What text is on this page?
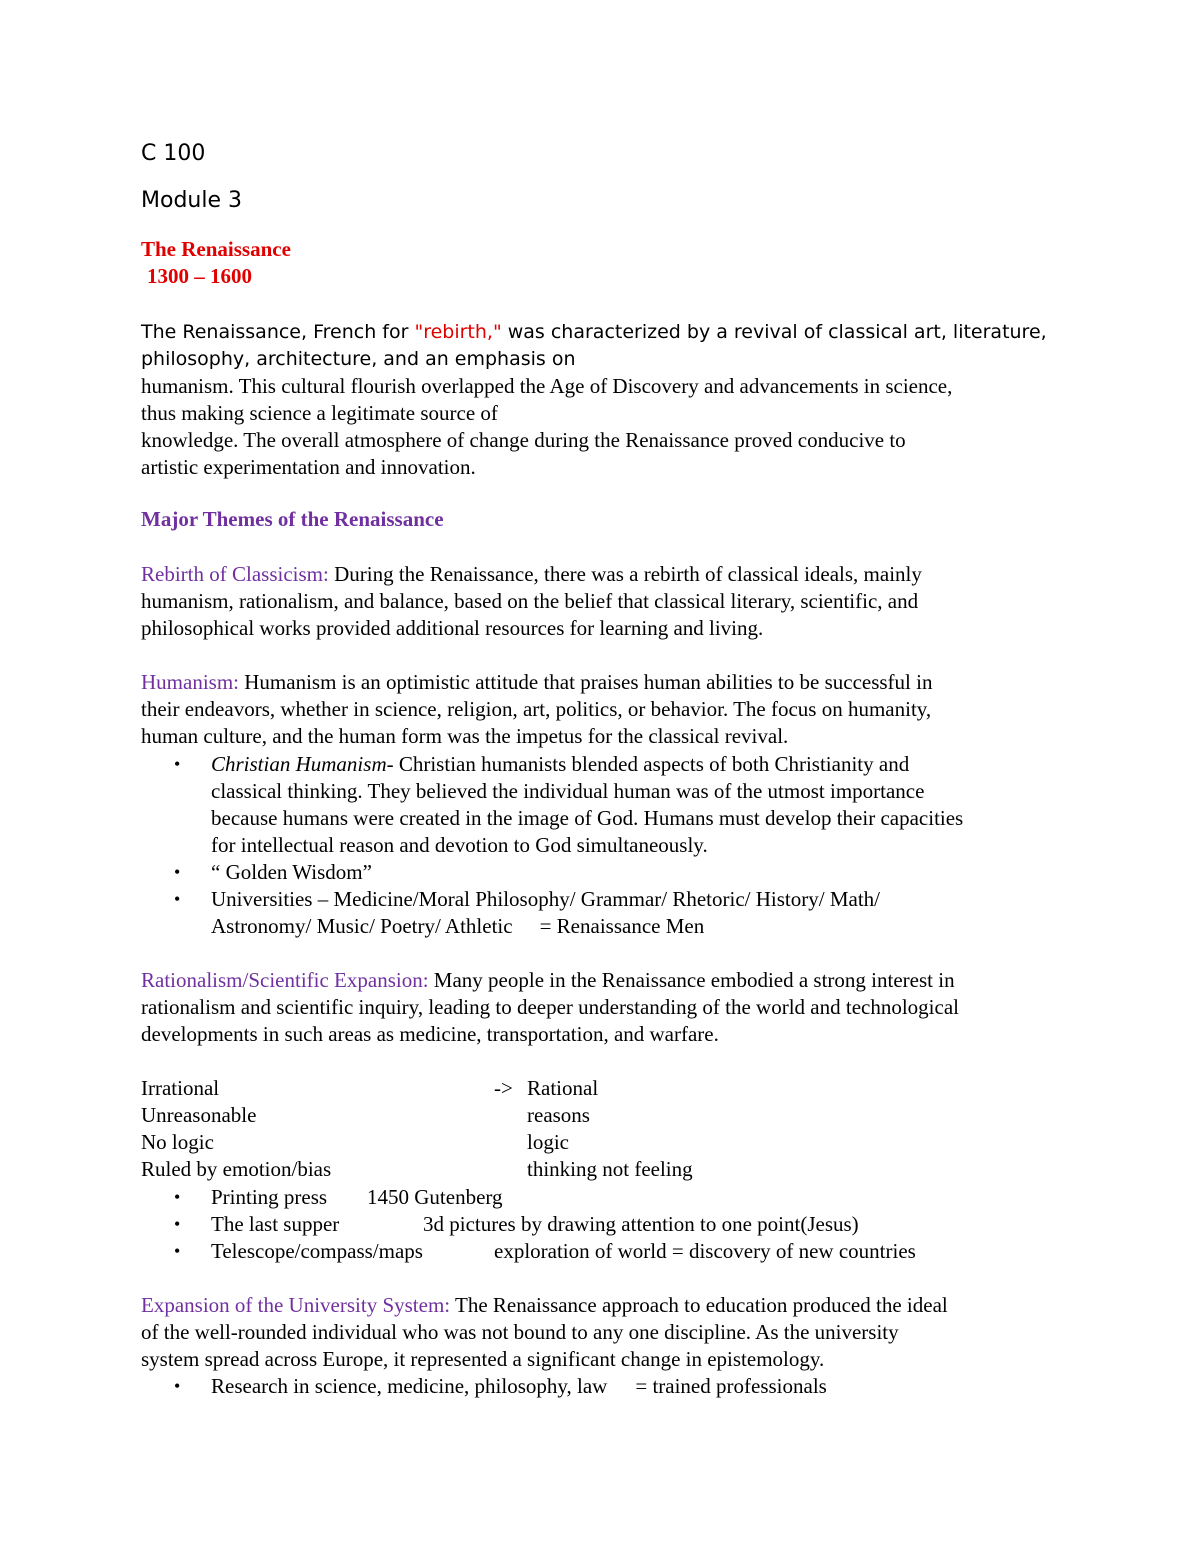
C 100
Module 3
The Renaissance
1300 – 1600
The Renaissance, French for "rebirth," was characterized by a revival of classical art, literature,
philosophy, architecture, and an emphasis on
humanism. This cultural flourish overlapped the Age of Discovery and advancements in science,
thus making science a legitimate source of
knowledge. The overall atmosphere of change during the Renaissance proved conducive to
artistic experimentation and innovation.
Major Themes of the Renaissance
Rebirth of Classicism: During the Renaissance, there was a rebirth of classical ideals, mainly
humanism, rationalism, and balance, based on the belief that classical literary, scientific, and
philosophical works provided additional resources for learning and living.
Humanism: Humanism is an optimistic attitude that praises human abilities to be successful in
their endeavors, whether in science, religion, art, politics, or behavior. The focus on humanity,
human culture, and the human form was the impetus for the classical revival.
• Christian Humanism- Christian humanists blended aspects of both Christianity and
classical thinking. They believed the individual human was of the utmost importance
because humans were created in the image of God. Humans must develop their capacities
for intellectual reason and devotion to God simultaneously.
• “ Golden Wisdom”
• Universities – Medicine/Moral Philosophy/ Grammar/ Rhetoric/ History/ Math/
Astronomy/ Music/ Poetry/ Athletic = Renaissance Men
Rationalism/Scientific Expansion: Many people in the Renaissance embodied a strong interest in
rationalism and scientific inquiry, leading to deeper understanding of the world and technological
developments in such areas as medicine, transportation, and warfare.
Irrational	-> Rational
Unreasonable	reasons
No logic	logic
Ruled by emotion/bias	thinking not feeling
• Printing press 1450 Gutenberg
• The last supper	3d pictures by drawing attention to one point(Jesus)
• Telescope/compass/maps	exploration of world = discovery of new countries
Expansion of the University System: The Renaissance approach to education produced the ideal
of the well-rounded individual who was not bound to any one discipline. As the university
system spread across Europe, it represented a significant change in epistemology.
• Research in science, medicine, philosophy, law = trained professionals
